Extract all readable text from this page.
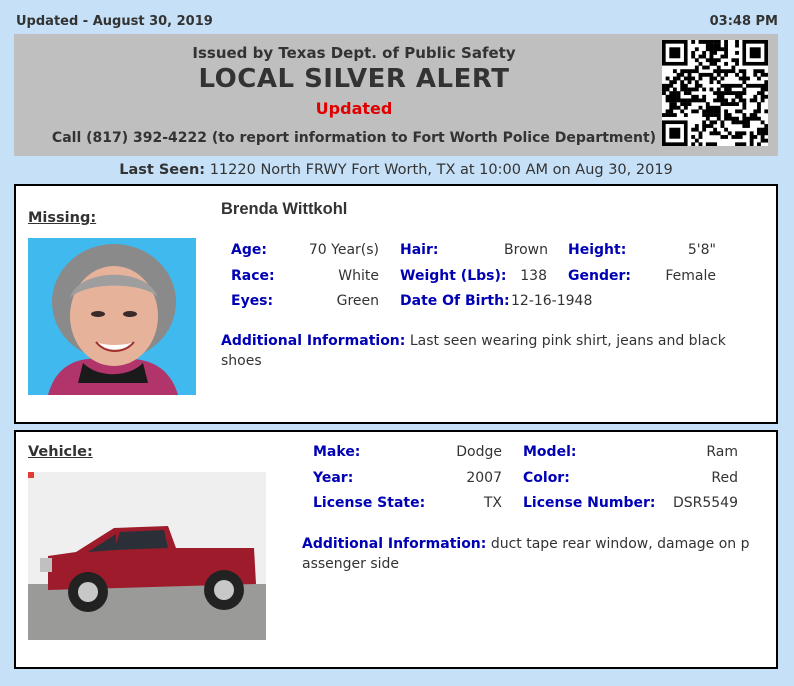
Updated - August 30, 2019	03:48 PM
Issued by Texas Dept. of Public Safety
LOCAL SILVER ALERT
Updated
Call (817) 392-4222 (to report information to Fort Worth Police Department)
Last Seen: 11220 North FRWY Fort Worth, TX at 10:00 AM on Aug 30, 2019
Missing:	Brenda Wittkohl
Age:	70 Year(s) Hair:	Brown Height:	5'8"
Race:	White Weight (Lbs): 138 Gender:	Female
Eyes:	Green Date Of Birth: 12-16-1948
Additional Information: Last seen wearing pink shirt, jeans and black
shoes
Vehicle:	Make:	Dodge Model:	Ram
Year:	2007 Color:	Red
License State:	TX License Number:	DSR5549
Additional Information: duct tape rear window, damage on p
assenger side
